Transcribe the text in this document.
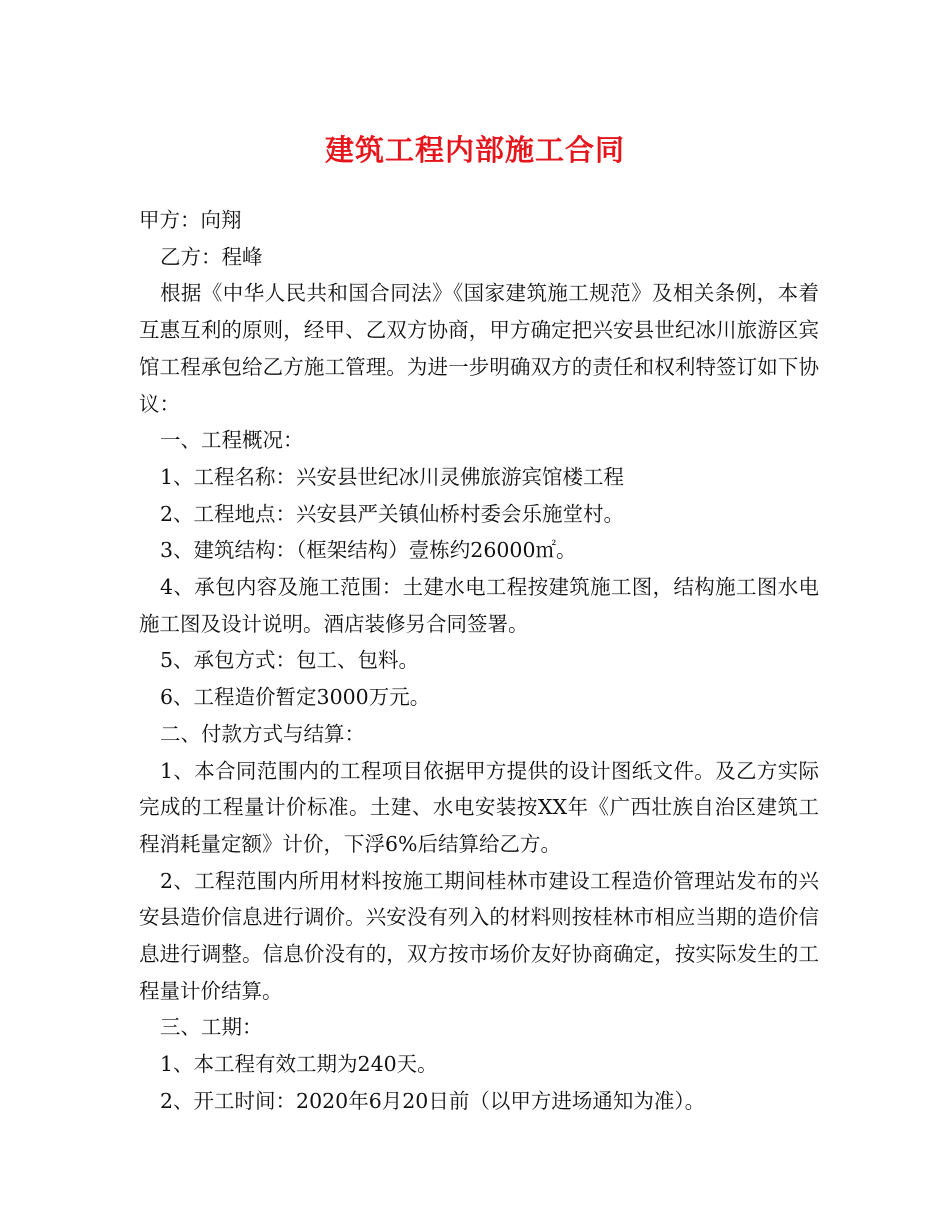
建筑工程内部施工合同

甲方：向翔

乙方：程峰

根据《中华人民共和国合同法》《国家建筑施工规范》及相关条例，本着互惠互利的原则，经甲、乙双方协商，甲方确定把兴安县世纪冰川旅游区宾馆工程承包给乙方施工管理。为进一步明确双方的责任和权利特签订如下协议：

一、工程概况：

1、工程名称：兴安县世纪冰川灵佛旅游宾馆楼工程

2、工程地点：兴安县严关镇仙桥村委会乐施堂村。

3、建筑结构：（框架结构）壹栋约26000㎡。

4、承包内容及施工范围：土建水电工程按建筑施工图，结构施工图水电施工图及设计说明。酒店装修另合同签署。

5、承包方式：包工、包料。

6、工程造价暂定3000万元。

二、付款方式与结算：

1、本合同范围内的工程项目依据甲方提供的设计图纸文件。及乙方实际完成的工程量计价标准。土建、水电安装按XX年《广西壮族自治区建筑工程消耗量定额》计价，下浮6%后结算给乙方。

2、工程范围内所用材料按施工期间桂林市建设工程造价管理站发布的兴安县造价信息进行调价。兴安没有列入的材料则按桂林市相应当期的造价信息进行调整。信息价没有的，双方按市场价友好协商确定，按实际发生的工程量计价结算。

三、工期：

1、本工程有效工期为240天。

2、开工时间：2020年6月20日前（以甲方进场通知为准）。
